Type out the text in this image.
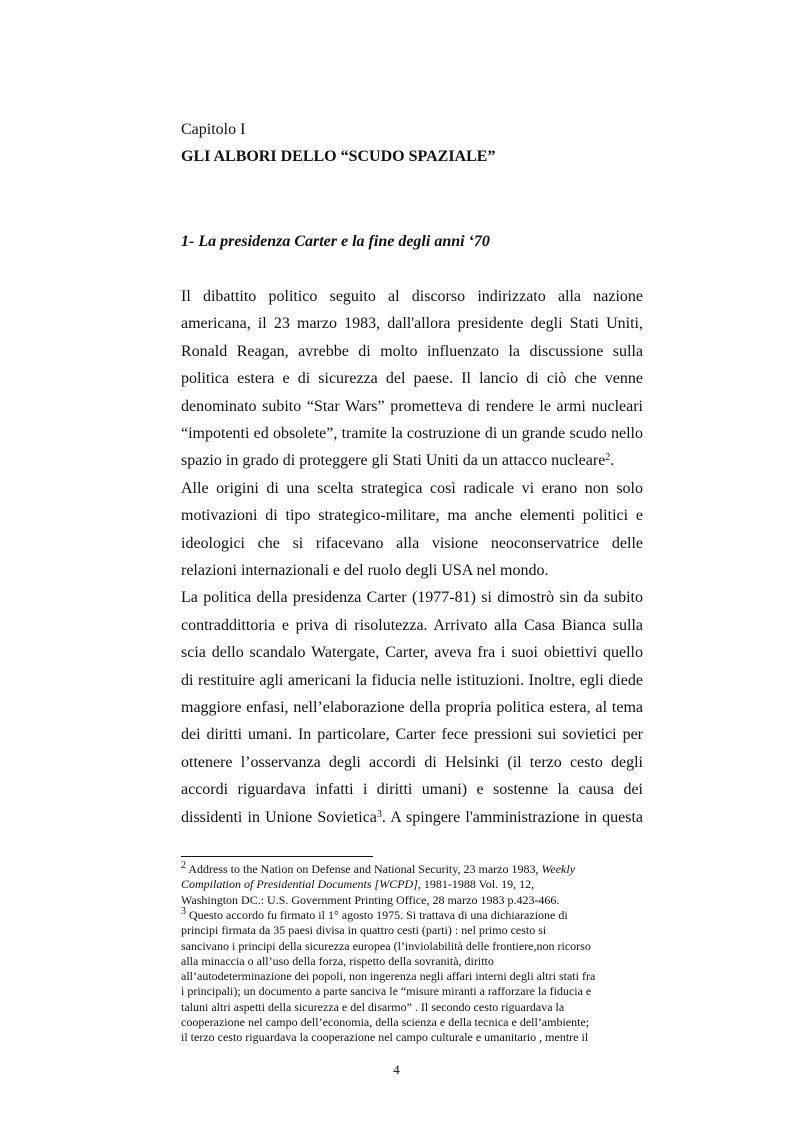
Capitolo I
GLI ALBORI DELLO “SCUDO SPAZIALE”
1- La presidenza Carter e la fine degli anni ‘70
Il dibattito politico seguito al discorso indirizzato alla nazione
americana, il 23 marzo 1983, dall'allora presidente degli Stati Uniti,
Ronald Reagan, avrebbe di molto influenzato la discussione sulla
politica estera e di sicurezza del paese. Il lancio di ciò che venne
denominato subito “Star Wars” prometteva di rendere le armi nucleari
“impotenti ed obsolete”, tramite la costruzione di un grande scudo nello
spazio in grado di proteggere gli Stati Uniti da un attacco nucleare$^2$.
Alle origini di una scelta strategica così radicale vi erano non solo
motivazioni di tipo strategico-militare, ma anche elementi politici e
ideologici che si rifacevano alla visione neoconservatrice delle
relazioni internazionali e del ruolo degli USA nel mondo.
La politica della presidenza Carter (1977-81) si dimostrò sin da subito
contraddittoria e priva di risolutezza. Arrivato alla Casa Bianca sulla
scia dello scandalo Watergate, Carter, aveva fra i suoi obiettivi quello
di restituire agli americani la fiducia nelle istituzioni. Inoltre, egli diede
maggiore enfasi, nell’elaborazione della propria politica estera, al tema
dei diritti umani. In particolare, Carter fece pressioni sui sovietici per
ottenere l’osservanza degli accordi di Helsinki (il terzo cesto degli
accordi riguardava infatti i diritti umani) e sostenne la causa dei
dissidenti in Unione Sovietica$^3$. A spingere l'amministrazione in questa
$^2$ Address to the Nation on Defense and National Security, 23 marzo 1983, Weekly
Compilation of Presidential Documents [WCPD], 1981-1988 Vol. 19, 12,
Washington DC.: U.S. Government Printing Office, 28 marzo 1983 p.423-466.
$^3$ Questo accordo fu firmato il 1° agosto 1975. Si trattava di una dichiarazione di
principi firmata da 35 paesi divisa in quattro cesti (parti) : nel primo cesto si
sancivano i principi della sicurezza europea (l’inviolabilità delle frontiere,non ricorso
alla minaccia o all’uso della forza, rispetto della sovranità, diritto
all’autodeterminazione dei popoli, non ingerenza negli affari interni degli altri stati fra
i principali); un documento a parte sanciva le “misure miranti a rafforzare la fiducia e
taluni altri aspetti della sicurezza e del disarmo” . Il secondo cesto riguardava la
cooperazione nel campo dell’economia, della scienza e della tecnica e dell’ambiente;
il terzo cesto riguardava la cooperazione nel campo culturale e umanitario , mentre il
4
